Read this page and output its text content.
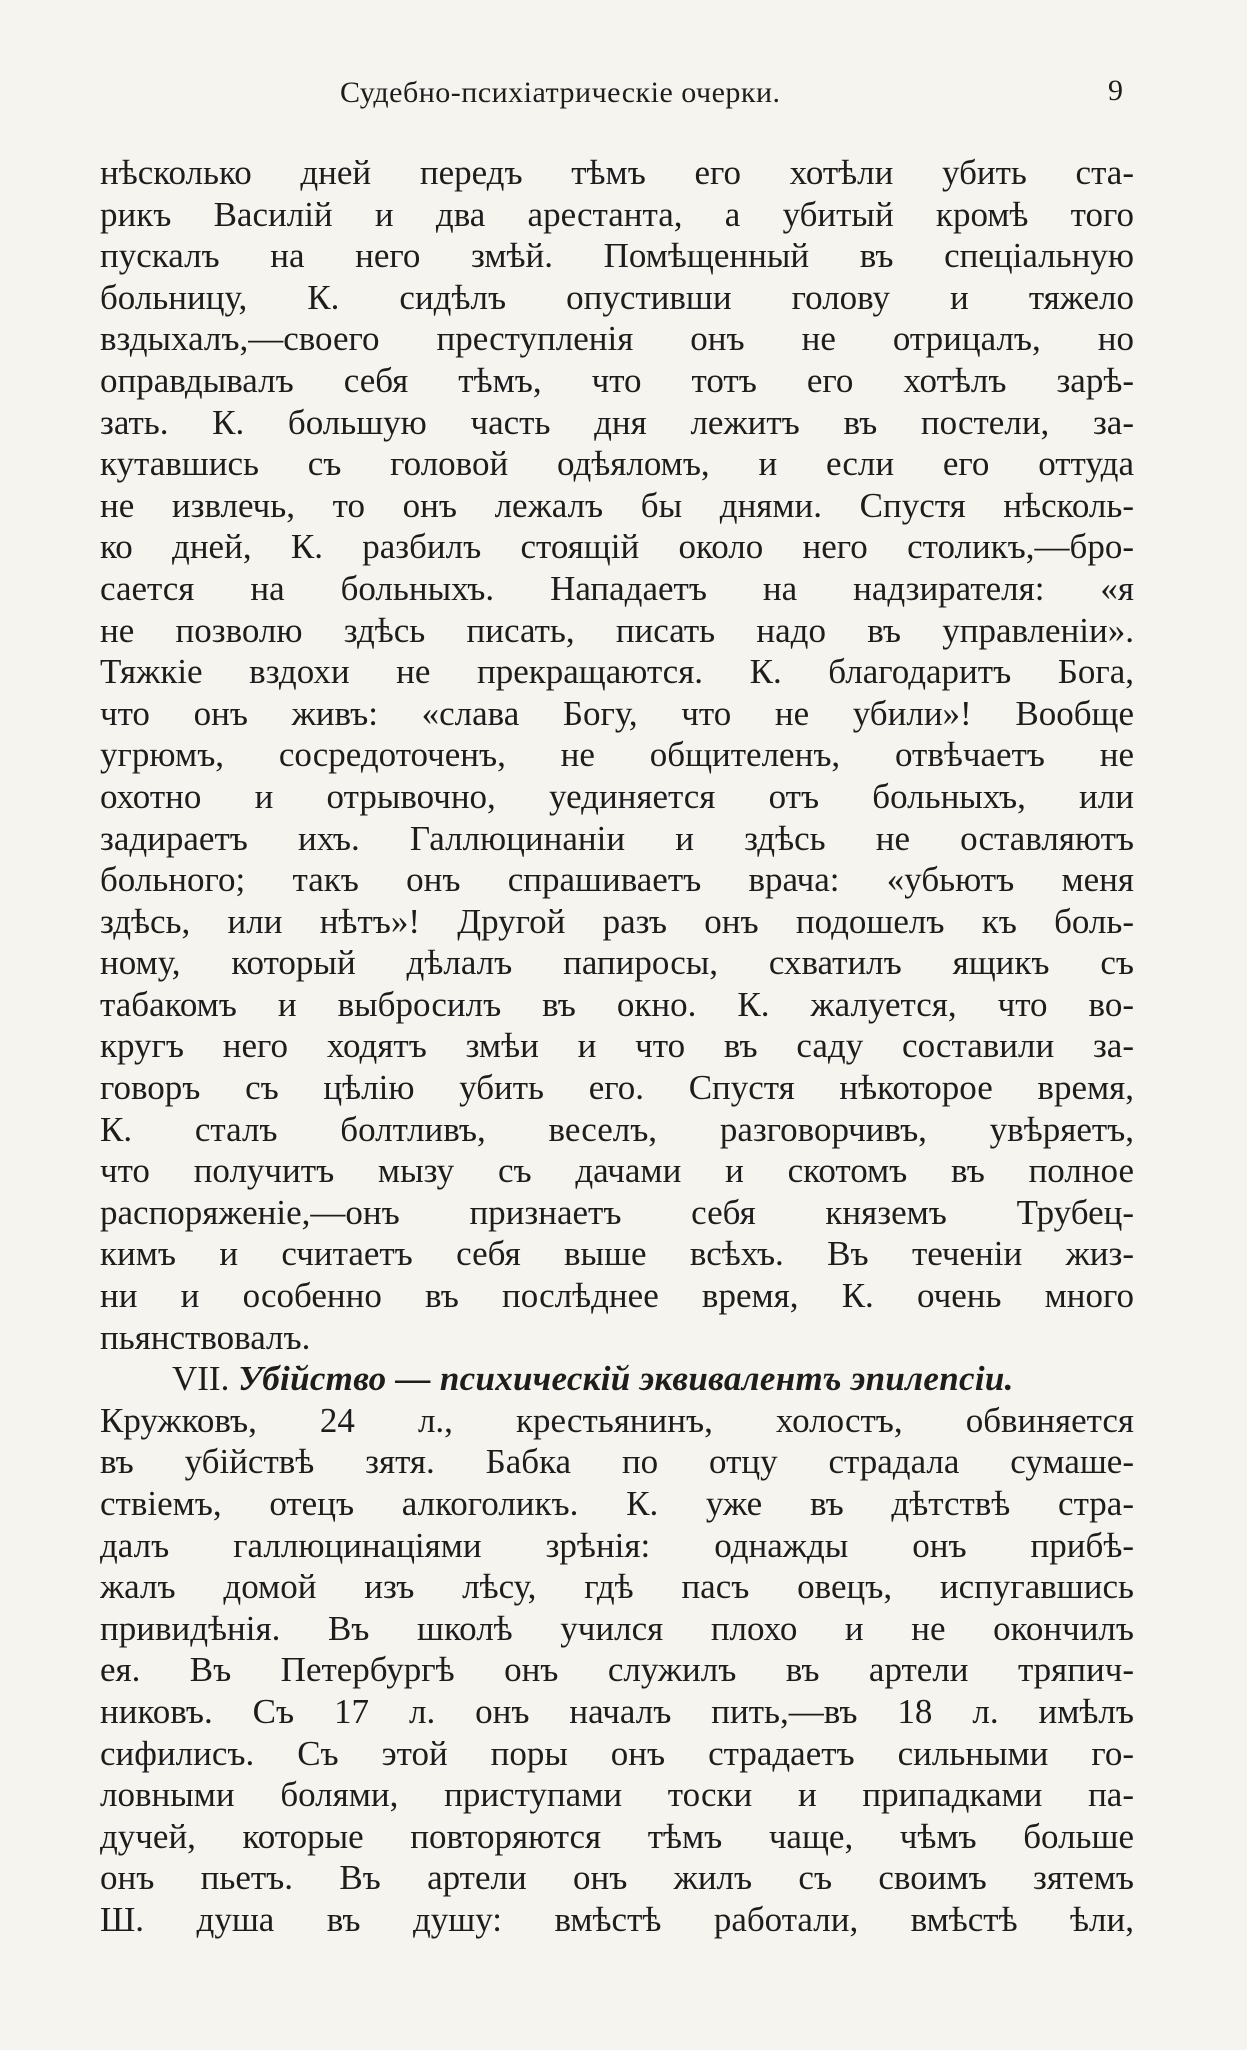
Судебно-психіатрическіе очерки.	9
нѣсколько дней передъ тѣмъ его хотѣли убить ста-
рикъ Василій и два арестанта, а убитый кромѣ того
пускалъ на него змѣй. Помѣщенный въ спеціальную
больницу, К. сидѣлъ опустивши голову и тяжело
вздыхалъ,—своего преступленія онъ не отрицалъ, но
оправдывалъ себя тѣмъ, что тотъ его хотѣлъ зарѣ-
зать. К. большую часть дня лежитъ въ постели, за-
кутавшись съ головой одѣяломъ, и если его оттуда
не извлечь, то онъ лежалъ бы днями. Спустя нѣсколь-
ко дней, К. разбилъ стоящій около него столикъ,—бро-
сается на больныхъ. Нападаетъ на надзирателя: «я
не позволю здѣсь писать, писать надо въ управленіи».
Тяжкіе вздохи не прекращаются. К. благодаритъ Бога,
что онъ живъ: «слава Богу, что не убили»! Вообще
угрюмъ, сосредоточенъ, не общителенъ, отвѣчаетъ не
охотно и отрывочно, уединяется отъ больныхъ, или
задираетъ ихъ. Галлюцинаніи и здѣсь не оставляютъ
больного; такъ онъ спрашиваетъ врача: «убьютъ меня
здѣсь, или нѣтъ»! Другой разъ онъ подошелъ къ боль-
ному, который дѣлалъ папиросы, схватилъ ящикъ съ
табакомъ и выбросилъ въ окно. К. жалуется, что во-
кругъ него ходятъ змѣи и что въ саду составили за-
говоръ съ цѣлію убить его. Спустя нѣкоторое время,
К. сталъ болтливъ, веселъ, разговорчивъ, увѣряетъ,
что получитъ мызу съ дачами и скотомъ въ полное
распоряженіе,—онъ признаетъ себя княземъ Трубец-
кимъ и считаетъ себя выше всѣхъ. Въ теченіи жиз-
ни и особенно въ послѣднее время, К. очень много
пьянствовалъ.
VII. Убійство — психическій эквивалентъ эпилепсіи.
Кружковъ, 24 л., крестьянинъ, холостъ, обвиняется
въ убійствѣ зятя. Бабка по отцу страдала сумаше-
ствіемъ, отецъ алкоголикъ. К. уже въ дѣтствѣ стра-
далъ галлюцинаціями зрѣнія: однажды онъ прибѣ-
жалъ домой изъ лѣсу, гдѣ пасъ овецъ, испугавшись
привидѣнія. Въ школѣ учился плохо и не окончилъ
ея. Въ Петербургѣ онъ служилъ въ артели тряпич-
никовъ. Съ 17 л. онъ началъ пить,—въ 18 л. имѣлъ
сифилисъ. Съ этой поры онъ страдаетъ сильными го-
ловными болями, приступами тоски и припадками па-
дучей, которые повторяются тѣмъ чаще, чѣмъ больше
онъ пьетъ. Въ артели онъ жилъ съ своимъ зятемъ
Ш. душа въ душу: вмѣстѣ работали, вмѣстѣ ѣли,
